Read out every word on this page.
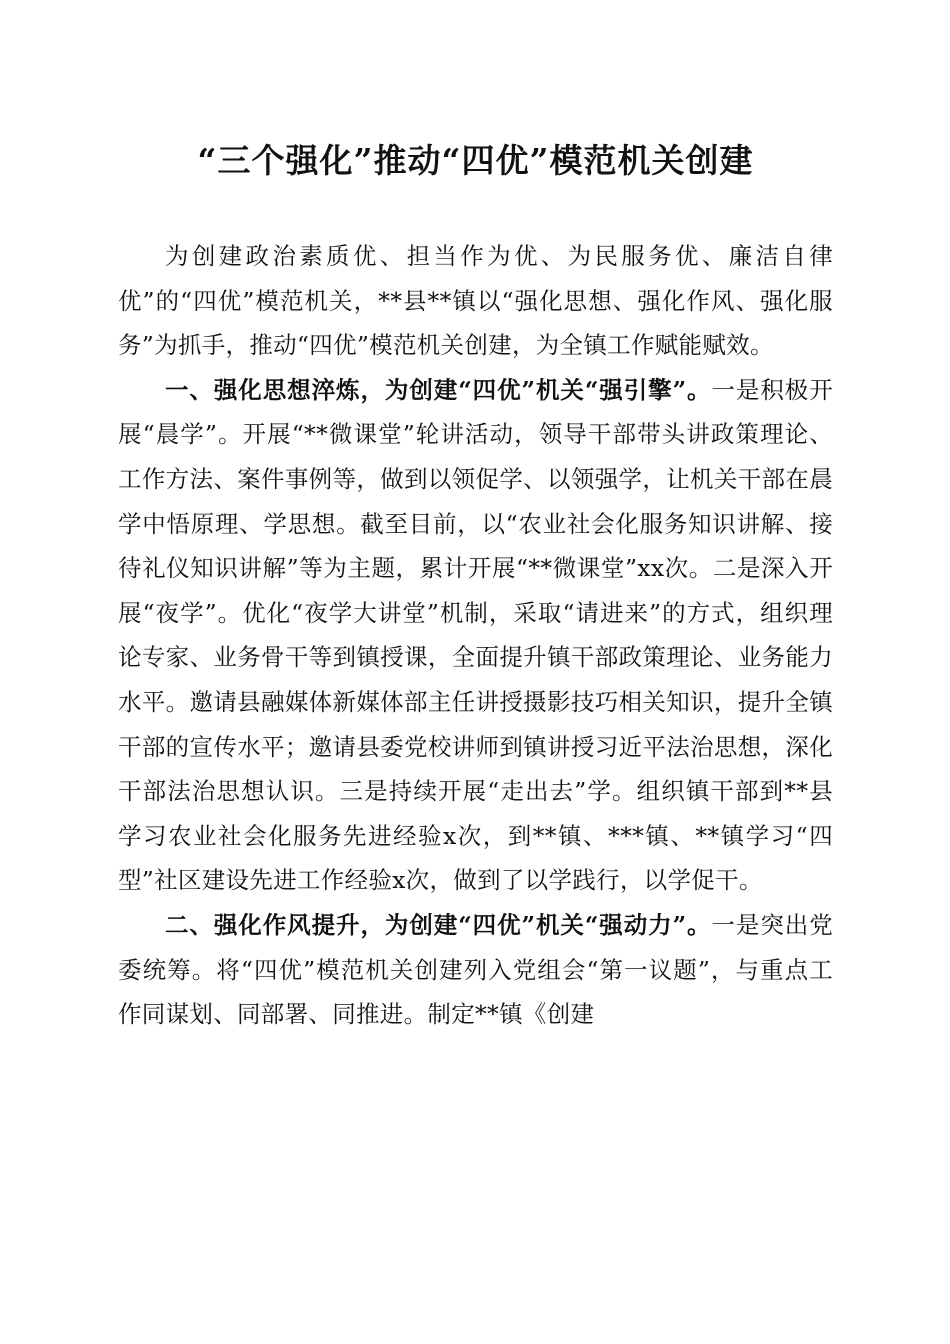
“三个强化”推动“四优”模范机关创建

为创建政治素质优、担当作为优、为民服务优、廉洁自律优”的“四优”模范机关，**县**镇以“强化思想、强化作风、强化服务”为抓手，推动“四优”模范机关创建，为全镇工作赋能赋效。

一、强化思想淬炼，为创建“四优”机关“强引擎”。一是积极开展“晨学”。开展“**微课堂”轮讲活动，领导干部带头讲政策理论、工作方法、案件事例等，做到以领促学、以领强学，让机关干部在晨学中悟原理、学思想。截至目前，以“农业社会化服务知识讲解、接待礼仪知识讲解”等为主题，累计开展“**微课堂”xx次。二是深入开展“夜学”。优化“夜学大讲堂”机制，采取“请进来”的方式，组织理论专家、业务骨干等到镇授课，全面提升镇干部政策理论、业务能力水平。邀请县融媒体新媒体部主任讲授摄影技巧相关知识，提升全镇干部的宣传水平；邀请县委党校讲师到镇讲授习近平法治思想，深化干部法治思想认识。三是持续开展“走出去”学。组织镇干部到**县学习农业社会化服务先进经验x次，到**镇、***镇、**镇学习“四型”社区建设先进工作经验x次，做到了以学践行，以学促干。

二、强化作风提升，为创建“四优”机关“强动力”。一是突出党委统筹。将“四优”模范机关创建列入党组会“第一议题”，与重点工作同谋划、同部署、同推进。制定**镇《创建
